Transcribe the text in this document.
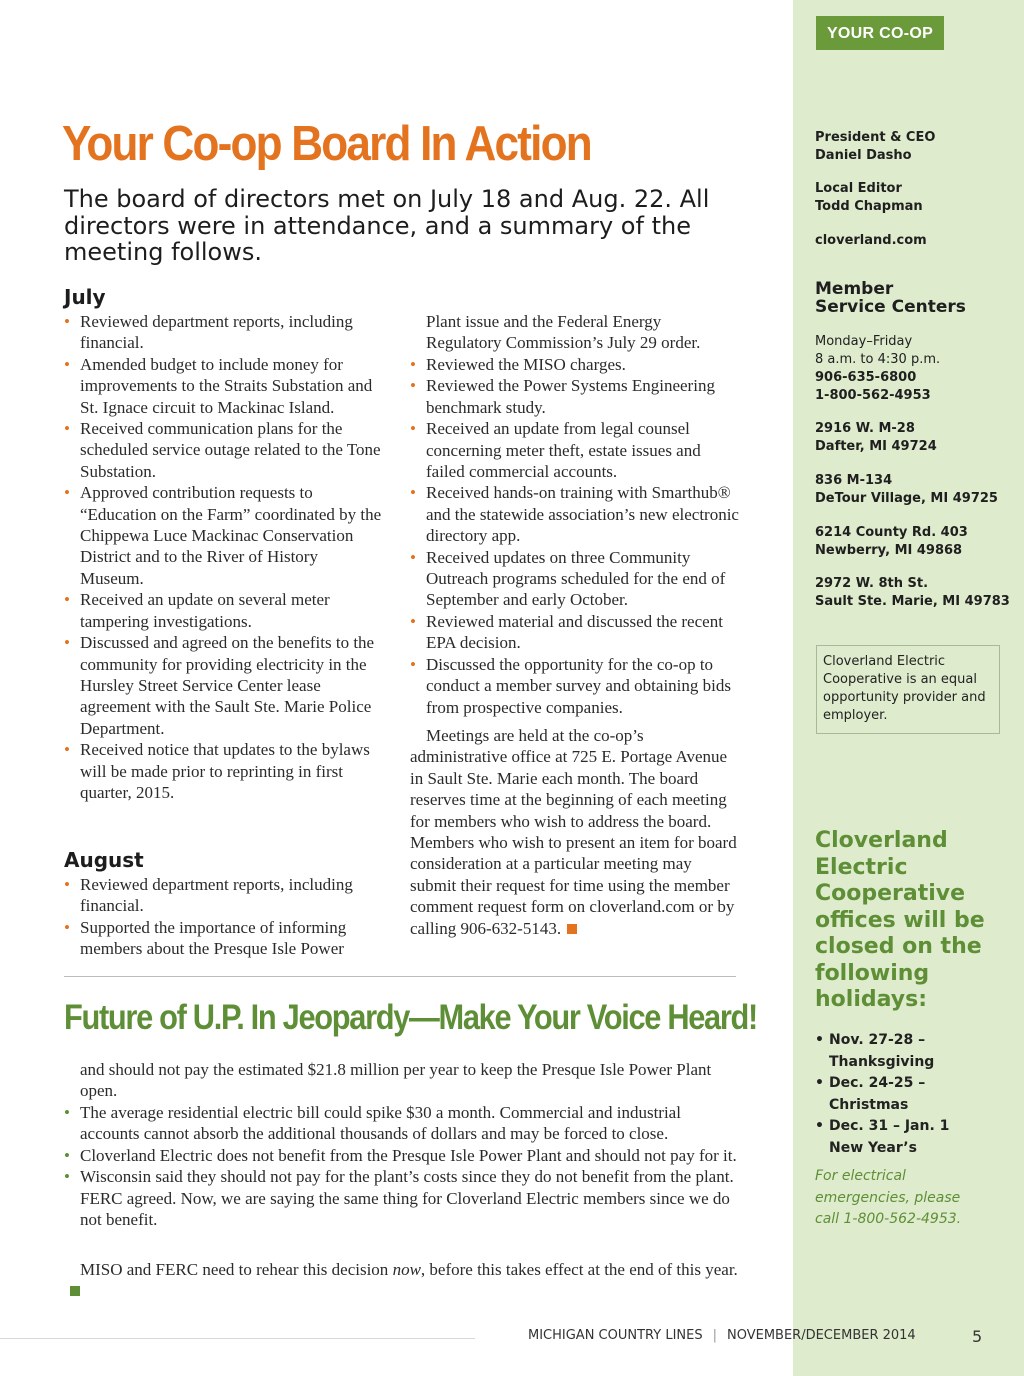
YOUR CO-OP
President & CEO
Daniel Dasho
Local Editor
Todd Chapman
cloverland.com
Member
Service Centers
Monday–Friday
8 a.m. to 4:30 p.m.
906-635-6800
1-800-562-4953
2916 W. M-28
Dafter, MI 49724
836 M-134
DeTour Village, MI 49725
6214 County Rd. 403
Newberry, MI 49868
2972 W. 8th St.
Sault Ste. Marie, MI 49783
Cloverland Electric Cooperative is an equal opportunity provider and employer.
Cloverland Electric Cooperative offices will be closed on the following holidays:
• Nov. 27-28 –
Thanksgiving
• Dec. 24-25 –
Christmas
• Dec. 31 – Jan. 1
New Year’s
For electrical emergencies, please call 1-800-562-4953.
Your Co-op Board In Action
The board of directors met on July 18 and Aug. 22. All directors were in attendance, and a summary of the meeting follows.
July
• Reviewed department reports, including financial.
• Amended budget to include money for improvements to the Straits Substation and St. Ignace circuit to Mackinac Island.
• Received communication plans for the scheduled service outage related to the Tone Substation.
• Approved contribution requests to “Education on the Farm” coordinated by the Chippewa Luce Mackinac Conservation District and to the River of History Museum.
• Received an update on several meter tampering investigations.
• Discussed and agreed on the benefits to the community for providing electricity in the Hursley Street Service Center lease agreement with the Sault Ste. Marie Police Department.
• Received notice that updates to the bylaws will be made prior to reprinting in first quarter, 2015.
August
• Reviewed department reports, including financial.
• Supported the importance of informing members about the Presque Isle Power
Plant issue and the Federal Energy Regulatory Commission’s July 29 order.
• Reviewed the MISO charges.
• Reviewed the Power Systems Engineering benchmark study.
• Received an update from legal counsel concerning meter theft, estate issues and failed commercial accounts.
• Received hands-on training with Smarthub® and the statewide association’s new electronic directory app.
• Received updates on three Community Outreach programs scheduled for the end of September and early October.
• Reviewed material and discussed the recent EPA decision.
• Discussed the opportunity for the co-op to conduct a member survey and obtaining bids from prospective companies.
Meetings are held at the co-op’s administrative office at 725 E. Portage Avenue in Sault Ste. Marie each month. The board reserves time at the beginning of each meeting for members who wish to address the board. Members who wish to present an item for board consideration at a particular meeting may submit their request for time using the member comment request form on cloverland.com or by calling 906-632-5143.
Future of U.P. In Jeopardy—Make Your Voice Heard!
and should not pay the estimated $21.8 million per year to keep the Presque Isle Power Plant open.
• The average residential electric bill could spike $30 a month. Commercial and industrial accounts cannot absorb the additional thousands of dollars and may be forced to close.
• Cloverland Electric does not benefit from the Presque Isle Power Plant and should not pay for it.
• Wisconsin said they should not pay for the plant’s costs since they do not benefit from the plant. FERC agreed. Now, we are saying the same thing for Cloverland Electric members since we do not benefit.
MISO and FERC need to rehear this decision now, before this takes effect at the end of this year.
MICHIGAN COUNTRY LINES | NOVEMBER/DECEMBER 2014	5
